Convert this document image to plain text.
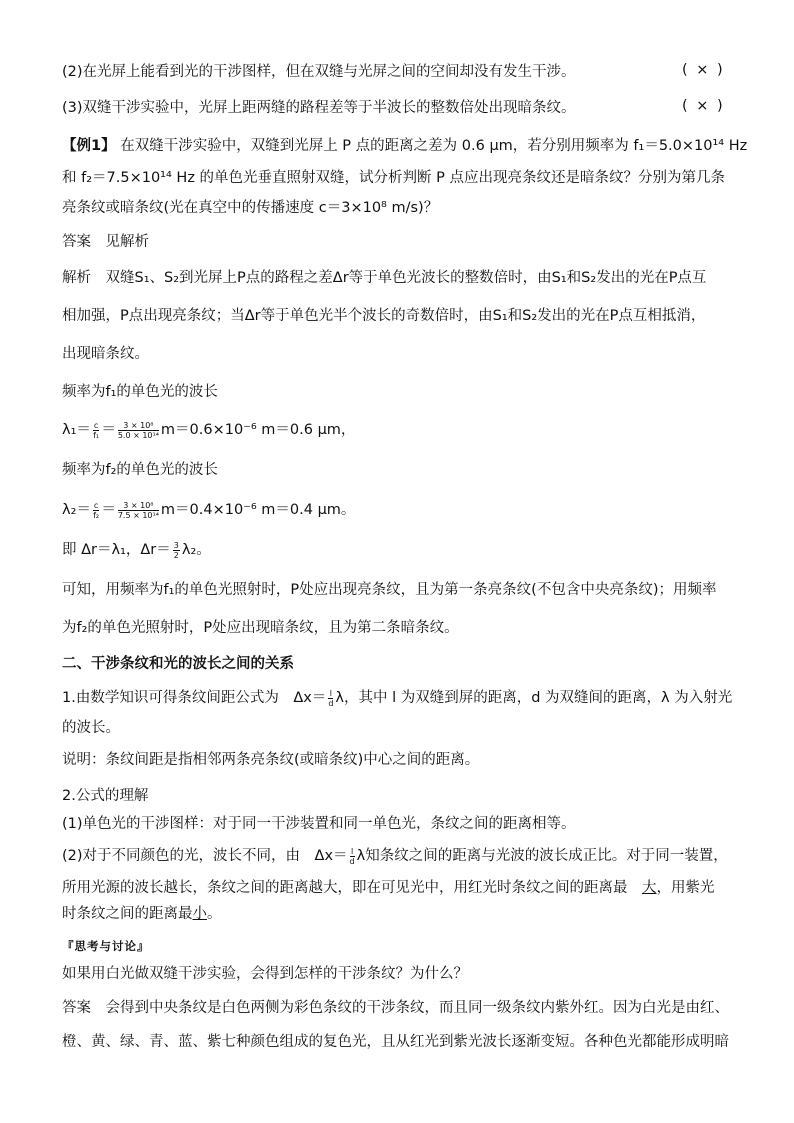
(2)在光屏上能看到光的干涉图样，但在双缝与光屏之间的空间却没有发生干涉。	( × )
(3)双缝干涉实验中，光屏上距两缝的路程差等于半波长的整数倍处出现暗条纹。	( × )
【例1】 在双缝干涉实验中，双缝到光屏上 P 点的距离之差为 0.6 μm，若分别用频率为 f₁＝5.0×10¹⁴ Hz
和 f₂＝7.5×10¹⁴ Hz 的单色光垂直照射双缝，试分析判断 P 点应出现亮条纹还是暗条纹？分别为第几条
亮条纹或暗条纹(光在真空中的传播速度 c＝3×10⁸ m/s)？
答案　见解析
解析　双缝S₁、S₂到光屏上P点的路程之差Δr等于单色光波长的整数倍时，由S₁和S₂发出的光在P点互
相加强，P点出现亮条纹；当Δr等于单色光半个波长的奇数倍时，由S₁和S₂发出的光在P点互相抵消，
出现暗条纹。
频率为f₁的单色光的波长
$\lambda_1= \frac{c}{\text{f₁}} = \frac{\text{3 × 10⁸}}{\text{5.0 × 10¹⁴}} m=0.6\times 10^{-6}$ m＝0.6 μm，
频率为f₂的单色光的波长
$\lambda_2= \frac{c}{\text{f₂}} = \frac{\text{3 × 10⁸}}{\text{7.5 × 10¹⁴}} m=0.4\times 10^{-6}$ m＝0.4 μm。
即 Δr＝λ₁，$\Delta r= \frac{3}{2} \lambda_2$。
可知，用频率为f₁的单色光照射时，P处应出现亮条纹，且为第一条亮条纹(不包含中央亮条纹)；用频率
为f₂的单色光照射时，P处应出现暗条纹，且为第二条暗条纹。
二、干涉条纹和光的波长之间的关系
1.由数学知识可得条纹间距公式为　$\Delta x= \frac{l}{d}$ λ，其中 l 为双缝到屏的距离，d 为双缝间的距离，λ 为入射光
的波长。
说明：条纹间距是指相邻两条亮条纹(或暗条纹)中心之间的距离。
2.公式的理解
(1)单色光的干涉图样：对于同一干涉装置和同一单色光，条纹之间的距离相等。
(2)对于不同颜色的光，波长不同，由　$\Delta x= \frac{l}{d}$ λ知条纹之间的距离与光波的波长成正比。对于同一装置，
所用光源的波长越长，条纹之间的距离越大，即在可见光中，用红光时条纹之间的距离最　大，用紫光
时条纹之间的距离最小。
『思考与讨论』
如果用白光做双缝干涉实验，会得到怎样的干涉条纹？为什么？
答案　会得到中央条纹是白色两侧为彩色条纹的干涉条纹，而且同一级条纹内紫外红。因为白光是由红、
橙、黄、绿、青、蓝、紫七种颜色组成的复色光，且从红光到紫光波长逐渐变短。各种色光都能形成明暗
